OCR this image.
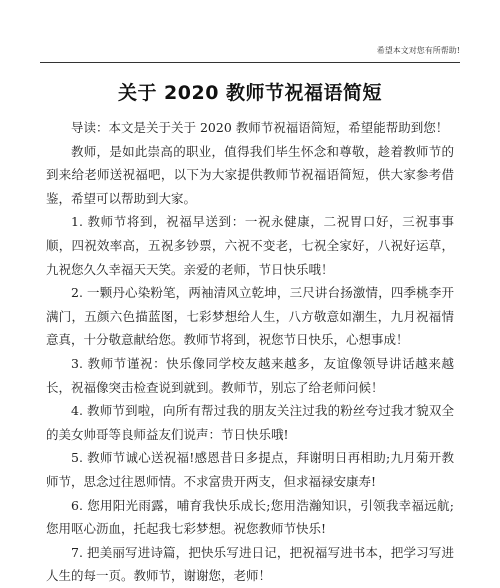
希望本文对您有所帮助!
关于 2020 教师节祝福语简短

导读：本文是关于关于 2020 教师节祝福语简短，希望能帮助到您！

教师，是如此崇高的职业，值得我们毕生怀念和尊敬，趁着教师节的到来给老师送祝福吧，以下为大家提供教师节祝福语简短，供大家参考借鉴，希望可以帮助到大家。

1. 教师节将到，祝福早送到：一祝永健康，二祝胃口好，三祝事事顺，四祝效率高，五祝多钞票，六祝不变老，七祝全家好，八祝好运草，九祝您久久幸福天天笑。亲爱的老师，节日快乐哦！

2. 一颗丹心染粉笔，两袖清风立乾坤，三尺讲台扬激情，四季桃李开满门，五颜六色描蓝图，七彩梦想给人生，八方敬意如潮生，九月祝福情意真，十分敬意献给您。教师节将到，祝您节日快乐，心想事成！

3. 教师节谨祝：快乐像同学校友越来越多，友谊像领导讲话越来越长，祝福像突击检查说到就到。教师节，别忘了给老师问候！

4. 教师节到啦，向所有帮过我的朋友关注过我的粉丝夸过我才貌双全的美女帅哥等良师益友们说声：节日快乐哦!

5. 教师节诚心送祝福!感恩昔日多提点，拜谢明日再相助;九月菊开教师节，思念过往恩师情。不求富贵开两支，但求福禄安康寿!

6. 您用阳光雨露，哺育我快乐成长;您用浩瀚知识，引领我幸福远航;您用呕心沥血，托起我七彩梦想。祝您教师节快乐!

7. 把美丽写进诗篇，把快乐写进日记，把祝福写进书本，把学习写进人生的每一页。教师节，谢谢您，老师！
